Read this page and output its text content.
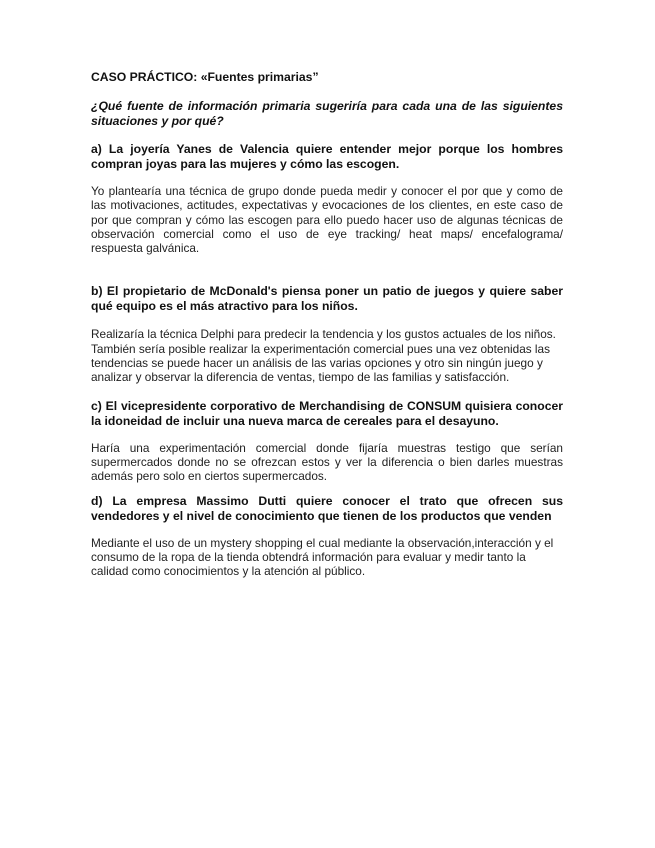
CASO PRÁCTICO: «Fuentes primarias”

¿Qué fuente de información primaria sugeriría para cada una de las siguientes situaciones y por qué?

a) La joyería Yanes de Valencia quiere entender mejor porque los hombres compran joyas para las mujeres y cómo las escogen.

Yo plantearía una técnica de grupo donde pueda medir y conocer el por que y como de las motivaciones, actitudes, expectativas y evocaciones de los clientes, en este caso de por que compran y cómo las escogen para ello puedo hacer uso de algunas técnicas de observación comercial como el uso de eye tracking/ heat maps/ encefalograma/ respuesta galvánica.

b) El propietario de McDonald's piensa poner un patio de juegos y quiere saber qué equipo es el más atractivo para los niños.

Realizaría la técnica Delphi para predecir la tendencia y los gustos actuales de los niños. También sería posible realizar la experimentación comercial pues una vez obtenidas las tendencias se puede hacer un análisis de las varias opciones y otro sin ningún juego y analizar y observar la diferencia de ventas, tiempo de las familias y satisfacción.

c) El vicepresidente corporativo de Merchandising de CONSUM quisiera conocer la idoneidad de incluir una nueva marca de cereales para el desayuno.

Haría una experimentación comercial donde fijaría muestras testigo que serían supermercados donde no se ofrezcan estos y ver la diferencia o bien darles muestras además pero solo en ciertos supermercados.

d) La empresa Massimo Dutti quiere conocer el trato que ofrecen sus vendedores y el nivel de conocimiento que tienen de los productos que venden

Mediante el uso de un mystery shopping el cual mediante la observación,interacción y el consumo de la ropa de la tienda obtendrá información para evaluar y medir tanto la calidad como conocimientos y la atención al público.
